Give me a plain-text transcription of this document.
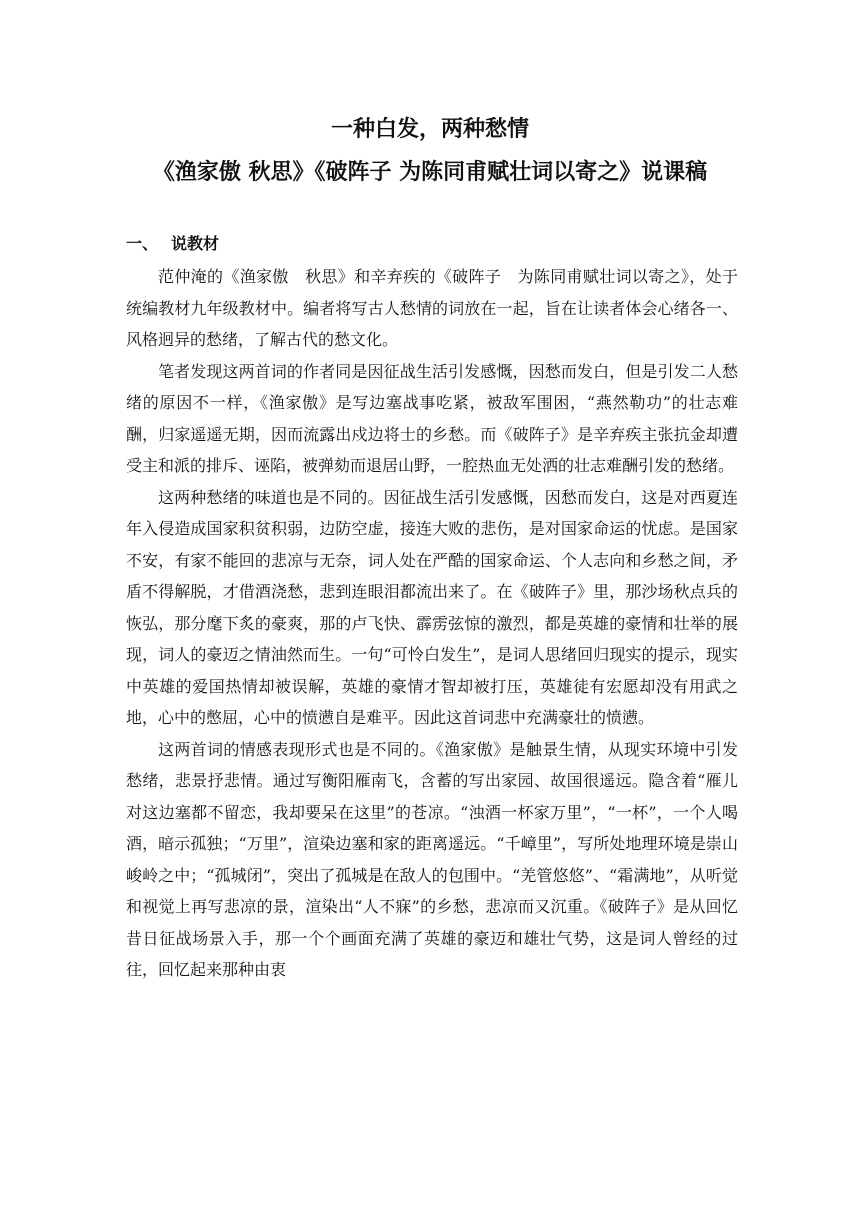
一种白发，两种愁情
《渔家傲 秋思》《破阵子 为陈同甫赋壮词以寄之》说课稿
一、 说教材

范仲淹的《渔家傲　秋思》和辛弃疾的《破阵子　为陈同甫赋壮词以寄之》，处于统编教材九年级教材中。编者将写古人愁情的词放在一起，旨在让读者体会心绪各一、风格迥异的愁绪，了解古代的愁文化。

笔者发现这两首词的作者同是因征战生活引发感慨，因愁而发白，但是引发二人愁绪的原因不一样，《渔家傲》是写边塞战事吃紧，被敌军围困，“燕然勒功”的壮志难酬，归家遥遥无期，因而流露出戍边将士的乡愁。而《破阵子》是辛弃疾主张抗金却遭受主和派的排斥、诬陷，被弹劾而退居山野，一腔热血无处洒的壮志难酬引发的愁绪。

这两种愁绪的味道也是不同的。因征战生活引发感慨，因愁而发白，这是对西夏连年入侵造成国家积贫积弱，边防空虚，接连大败的悲伤，是对国家命运的忧虑。是国家不安，有家不能回的悲凉与无奈，词人处在严酷的国家命运、个人志向和乡愁之间，矛盾不得解脱，才借酒浇愁，悲到连眼泪都流出来了。在《破阵子》里，那沙场秋点兵的恢弘，那分麾下炙的豪爽，那的卢飞快、霹雳弦惊的激烈，都是英雄的豪情和壮举的展现，词人的豪迈之情油然而生。一句“可怜白发生”，是词人思绪回归现实的提示，现实中英雄的爱国热情却被误解，英雄的豪情才智却被打压，英雄徒有宏愿却没有用武之地，心中的憋屈，心中的愤懑自是难平。因此这首词悲中充满豪壮的愤懑。

这两首词的情感表现形式也是不同的。《渔家傲》是触景生情，从现实环境中引发愁绪，悲景抒悲情。通过写衡阳雁南飞，含蓄的写出家园、故国很遥远。隐含着“雁儿对这边塞都不留恋，我却要呆在这里”的苍凉。“浊酒一杯家万里”，“一杯”，一个人喝酒，暗示孤独；“万里”，渲染边塞和家的距离遥远。“千嶂里”，写所处地理环境是崇山峻岭之中；“孤城闭”，突出了孤城是在敌人的包围中。“羌管悠悠”、“霜满地”，从听觉和视觉上再写悲凉的景，渲染出“人不寐”的乡愁，悲凉而又沉重。《破阵子》是从回忆昔日征战场景入手，那一个个画面充满了英雄的豪迈和雄壮气势，这是词人曾经的过往，回忆起来那种由衷
